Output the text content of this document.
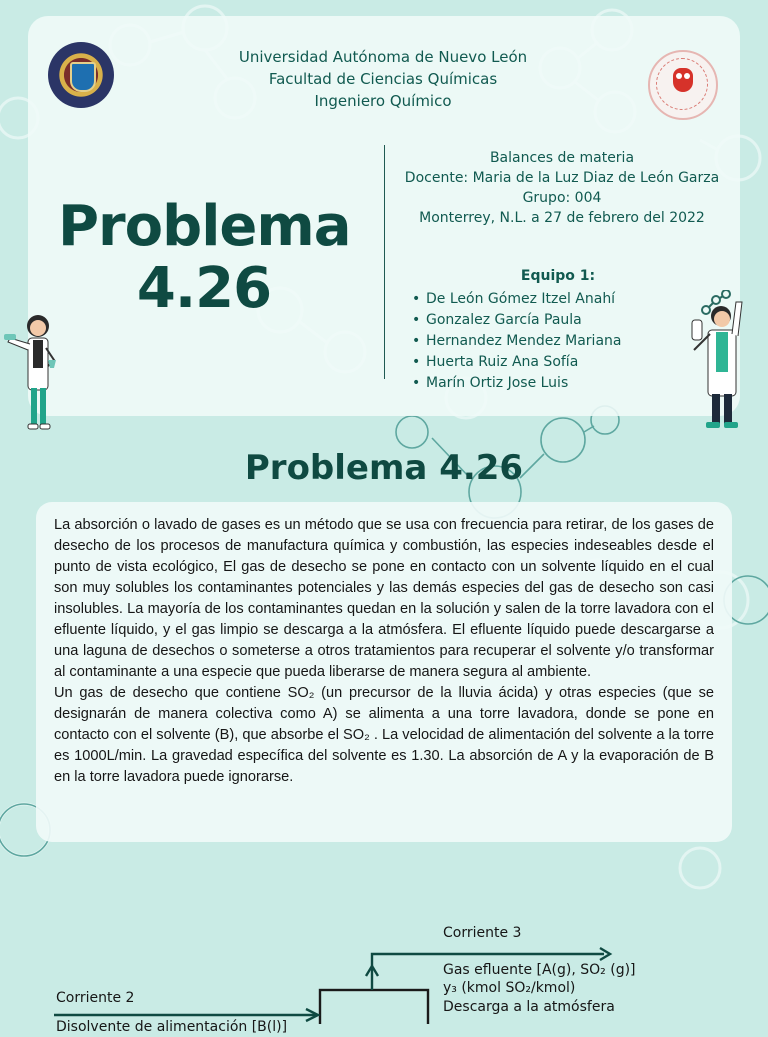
Universidad Autónoma de Nuevo León
Facultad de Ciencias Químicas
Ingeniero Químico
Problema
4.26
Balances de materia
Docente: Maria de la Luz Diaz de León Garza
Grupo: 004
Monterrey, N.L. a 27 de febrero del 2022
Equipo 1:
• De León Gómez Itzel Anahí
• Gonzalez García Paula
• Hernandez Mendez Mariana
• Huerta Ruiz Ana Sofía
• Marín Ortiz Jose Luis
Problema 4.26
La absorción o lavado de gases es un método que se usa con frecuencia para retirar, de los gases de desecho de los procesos de manufactura química y combustión, las especies indeseables desde el punto de vista ecológico, El gas de desecho se pone en contacto con un solvente líquido en el cual son muy solubles los contaminantes potenciales y las demás especies del gas de desecho son casi insolubles. La mayoría de los contaminantes quedan en la solución y salen de la torre lavadora con el efluente líquido, y el gas limpio se descarga a la atmósfera. El efluente líquido puede descargarse a una laguna de desechos o someterse a otros tratamientos para recuperar el solvente y/o transformar al contaminante a una especie que pueda liberarse de manera segura al ambiente.
Un gas de desecho que contiene SO₂ (un precursor de la lluvia ácida) y otras especies (que se designarán de manera colectiva como A) se alimenta a una torre lavadora, donde se pone en contacto con el solvente (B), que absorbe el SO₂ . La velocidad de alimentación del solvente a la torre es 1000L/min. La gravedad específica del solvente es 1.30. La absorción de A y la evaporación de B en la torre lavadora puede ignorarse.
Corriente 3
Gas efluente [A(g), SO₂ (g)]
y₃ (kmol SO₂/kmol)
Descarga a la atmósfera
Corriente 2
Disolvente de alimentación [B(l)]
